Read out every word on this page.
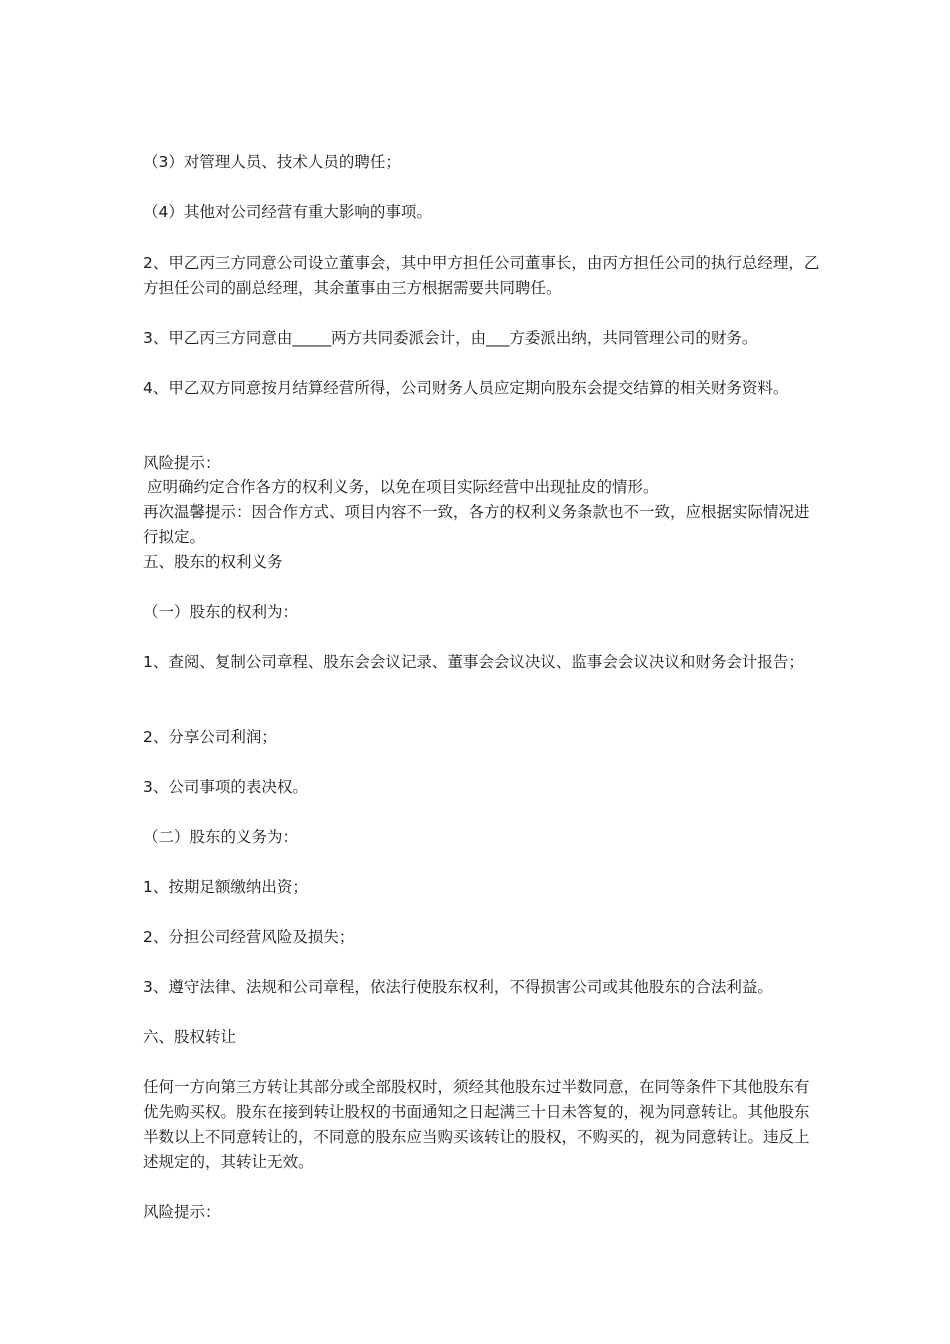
（3）对管理人员、技术人员的聘任；
（4）其他对公司经营有重大影响的事项。
2、甲乙丙三方同意公司设立董事会，其中甲方担任公司董事长，由丙方担任公司的执行总经理，乙方担任公司的副总经理，其余董事由三方根据需要共同聘任。
3、甲乙丙三方同意由_____两方共同委派会计，由___方委派出纳，共同管理公司的财务。
4、甲乙双方同意按月结算经营所得，公司财务人员应定期向股东会提交结算的相关财务资料。
风险提示：
应明确约定合作各方的权利义务，以免在项目实际经营中出现扯皮的情形。
再次温馨提示：因合作方式、项目内容不一致，各方的权利义务条款也不一致，应根据实际情况进行拟定。
五、股东的权利义务
（一）股东的权利为：
1、查阅、复制公司章程、股东会会议记录、董事会会议决议、监事会会议决议和财务会计报告；
2、分享公司利润；
3、公司事项的表决权。
（二）股东的义务为：
1、按期足额缴纳出资；
2、分担公司经营风险及损失；
3、遵守法律、法规和公司章程，依法行使股东权利，不得损害公司或其他股东的合法利益。
六、股权转让
任何一方向第三方转让其部分或全部股权时，须经其他股东过半数同意，在同等条件下其他股东有优先购买权。股东在接到转让股权的书面通知之日起满三十日未答复的，视为同意转让。其他股东半数以上不同意转让的，不同意的股东应当购买该转让的股权，不购买的，视为同意转让。违反上述规定的，其转让无效。
风险提示：
